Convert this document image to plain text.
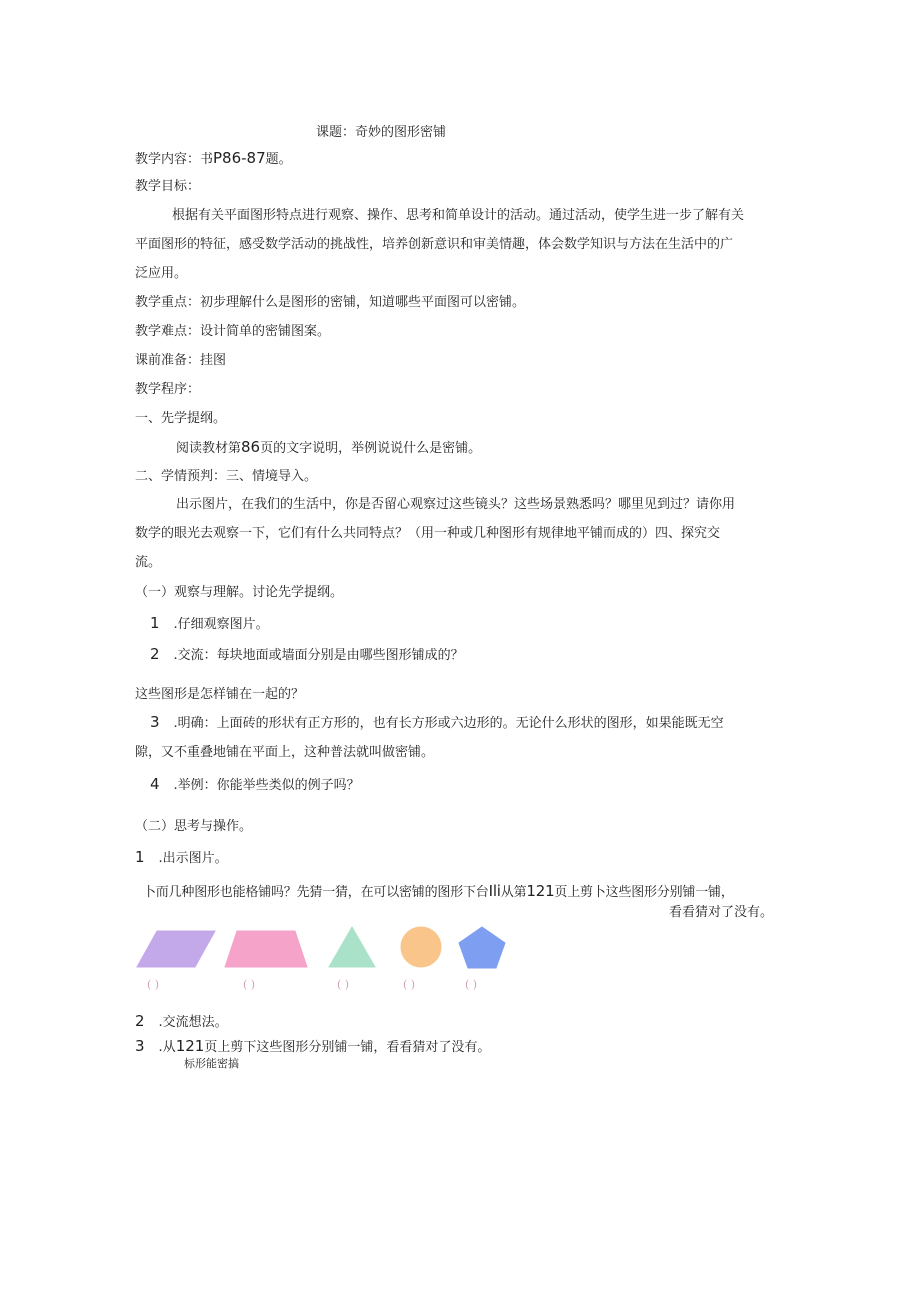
课题：奇妙的图形密铺
教学内容：书P86-87题。
教学目标：
根据有关平面图形特点进行观察、操作、思考和简单设计的活动。通过活动，使学生进一步了解有关
平面图形的特征，感受数学活动的挑战性，培养创新意识和审美情趣，体会数学知识与方法在生活中的广
泛应用。
教学重点：初步理解什么是图形的密铺，知道哪些平面图可以密铺。
教学难点：设计简单的密铺图案。
课前准备：挂图
教学程序：
一、先学提纲。
阅读教材第86页的文字说明，举例说说什么是密铺。
二、学情预判：三、情境导入。
出示图片，在我们的生活中，你是否留心观察过这些镜头？这些场景熟悉吗？哪里见到过？请你用
数学的眼光去观察一下，它们有什么共同特点？（用一种或几种图形有规律地平铺而成的）四、探究交
流。
（一）观察与理解。讨论先学提纲。
1 .仔细观察图片。
2 .交流：每块地面或墙面分别是由哪些图形铺成的？
这些图形是怎样铺在一起的？
3 .明确：上面砖的形状有正方形的，也有长方形或六边形的。无论什么形状的图形，如果能既无空
隙，又不重叠地铺在平面上，这种普法就叫做密铺。
4 .举例：你能举些类似的例子吗？
（二）思考与操作。
1 .出示图片。
卜而几种图形也能格铺吗？先猜一猜，在可以密铺的图形下台Ili从第121页上剪卜这些图形分别铺一铺，
看看猜对了没有。
( )	( )	( )	( )	( )
2 .交流想法。
3 .从121页上剪下这些图形分别铺一铺，看看猜对了没有。
标形能密搞
